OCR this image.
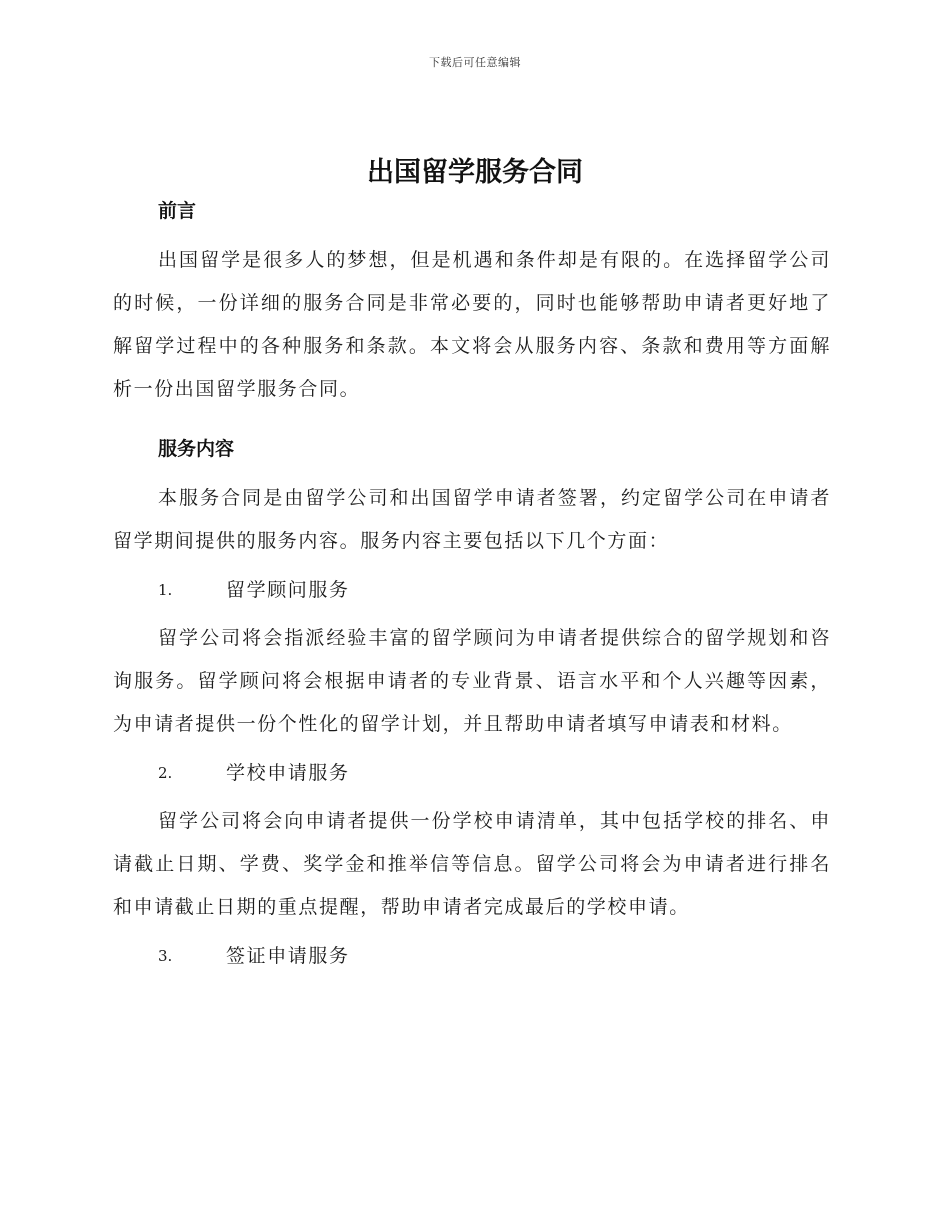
下载后可任意编辑
出国留学服务合同
前言

出国留学是很多人的梦想，但是机遇和条件却是有限的。在选择留学公司的时候，一份详细的服务合同是非常必要的，同时也能够帮助申请者更好地了解留学过程中的各种服务和条款。本文将会从服务内容、条款和费用等方面解析一份出国留学服务合同。

服务内容

本服务合同是由留学公司和出国留学申请者签署，约定留学公司在申请者留学期间提供的服务内容。服务内容主要包括以下几个方面：

1.	留学顾问服务

留学公司将会指派经验丰富的留学顾问为申请者提供综合的留学规划和咨询服务。留学顾问将会根据申请者的专业背景、语言水平和个人兴趣等因素，为申请者提供一份个性化的留学计划，并且帮助申请者填写申请表和材料。

2.	学校申请服务

留学公司将会向申请者提供一份学校申请清单，其中包括学校的排名、申请截止日期、学费、奖学金和推举信等信息。留学公司将会为申请者进行排名和申请截止日期的重点提醒，帮助申请者完成最后的学校申请。

3.	签证申请服务
